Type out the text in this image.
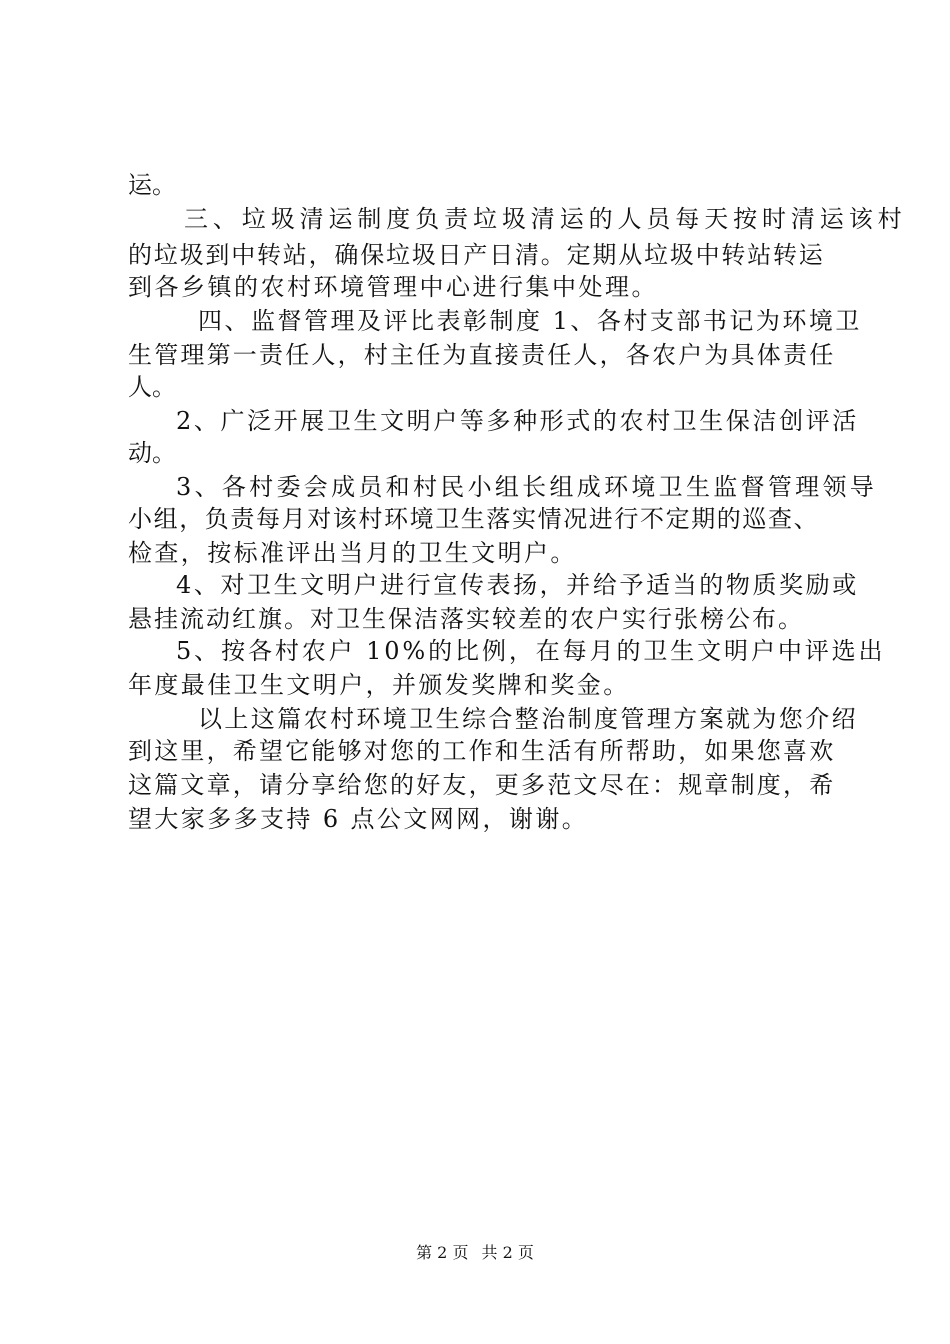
运。
三、垃圾清运制度负责垃圾清运的人员每天按时清运该村
的垃圾到中转站，确保垃圾日产日清。定期从垃圾中转站转运
到各乡镇的农村环境管理中心进行集中处理。
四、监督管理及评比表彰制度 1、各村支部书记为环境卫
生管理第一责任人，村主任为直接责任人，各农户为具体责任
人。
2、广泛开展卫生文明户等多种形式的农村卫生保洁创评活
动。
3、各村委会成员和村民小组长组成环境卫生监督管理领导
小组，负责每月对该村环境卫生落实情况进行不定期的巡查、
检查，按标准评出当月的卫生文明户。
4、对卫生文明户进行宣传表扬，并给予适当的物质奖励或
悬挂流动红旗。对卫生保洁落实较差的农户实行张榜公布。
5、按各村农户 10%的比例，在每月的卫生文明户中评选出
年度最佳卫生文明户，并颁发奖牌和奖金。
以上这篇农村环境卫生综合整治制度管理方案就为您介绍
到这里，希望它能够对您的工作和生活有所帮助，如果您喜欢
这篇文章，请分享给您的好友，更多范文尽在：规章制度，希
望大家多多支持 6 点公文网网，谢谢。
第 2 页 共 2 页
